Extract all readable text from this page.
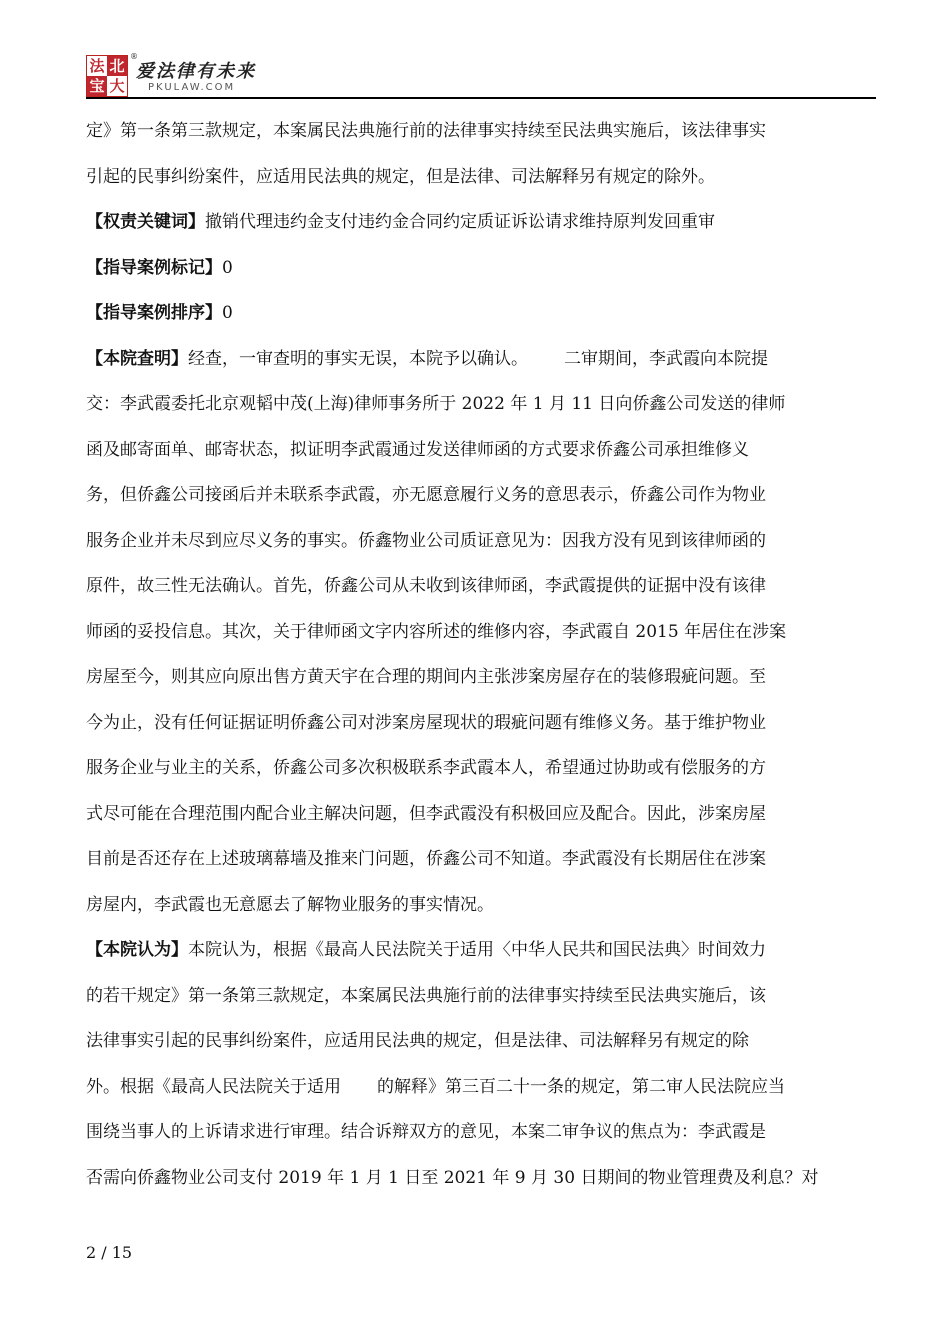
法 北
宝 大
®
爱法律有未来
PKULAW.COM

定》第一条第三款规定，本案属民法典施行前的法律事实持续至民法典实施后，该法律事实

引起的民事纠纷案件，应适用民法典的规定，但是法律、司法解释另有规定的除外。

【权责关键词】撤销代理违约金支付违约金合同约定质证诉讼请求维持原判发回重审

【指导案例标记】0

【指导案例排序】0

【本院查明】经查，一审查明的事实无误，本院予以确认。 二审期间，李武霞向本院提

交：李武霞委托北京观韬中茂(上海)律师事务所于 2022 年 1 月 11 日向侨鑫公司发送的律师

函及邮寄面单、邮寄状态，拟证明李武霞通过发送律师函的方式要求侨鑫公司承担维修义

务，但侨鑫公司接函后并未联系李武霞，亦无愿意履行义务的意思表示，侨鑫公司作为物业

服务企业并未尽到应尽义务的事实。侨鑫物业公司质证意见为：因我方没有见到该律师函的

原件，故三性无法确认。首先，侨鑫公司从未收到该律师函，李武霞提供的证据中没有该律

师函的妥投信息。其次，关于律师函文字内容所述的维修内容，李武霞自 2015 年居住在涉案

房屋至今，则其应向原出售方黄天宇在合理的期间内主张涉案房屋存在的装修瑕疵问题。至

今为止，没有任何证据证明侨鑫公司对涉案房屋现状的瑕疵问题有维修义务。基于维护物业

服务企业与业主的关系，侨鑫公司多次积极联系李武霞本人，希望通过协助或有偿服务的方

式尽可能在合理范围内配合业主解决问题，但李武霞没有积极回应及配合。因此，涉案房屋

目前是否还存在上述玻璃幕墙及推来门问题，侨鑫公司不知道。李武霞没有长期居住在涉案

房屋内，李武霞也无意愿去了解物业服务的事实情况。

【本院认为】本院认为，根据《最高人民法院关于适用〈中华人民共和国民法典〉时间效力

的若干规定》第一条第三款规定，本案属民法典施行前的法律事实持续至民法典实施后，该

法律事实引起的民事纠纷案件，应适用民法典的规定，但是法律、司法解释另有规定的除

外。根据《最高人民法院关于适用 的解释》第三百二十一条的规定，第二审人民法院应当

围绕当事人的上诉请求进行审理。结合诉辩双方的意见，本案二审争议的焦点为：李武霞是

否需向侨鑫物业公司支付 2019 年 1 月 1 日至 2021 年 9 月 30 日期间的物业管理费及利息？对

2 / 15
